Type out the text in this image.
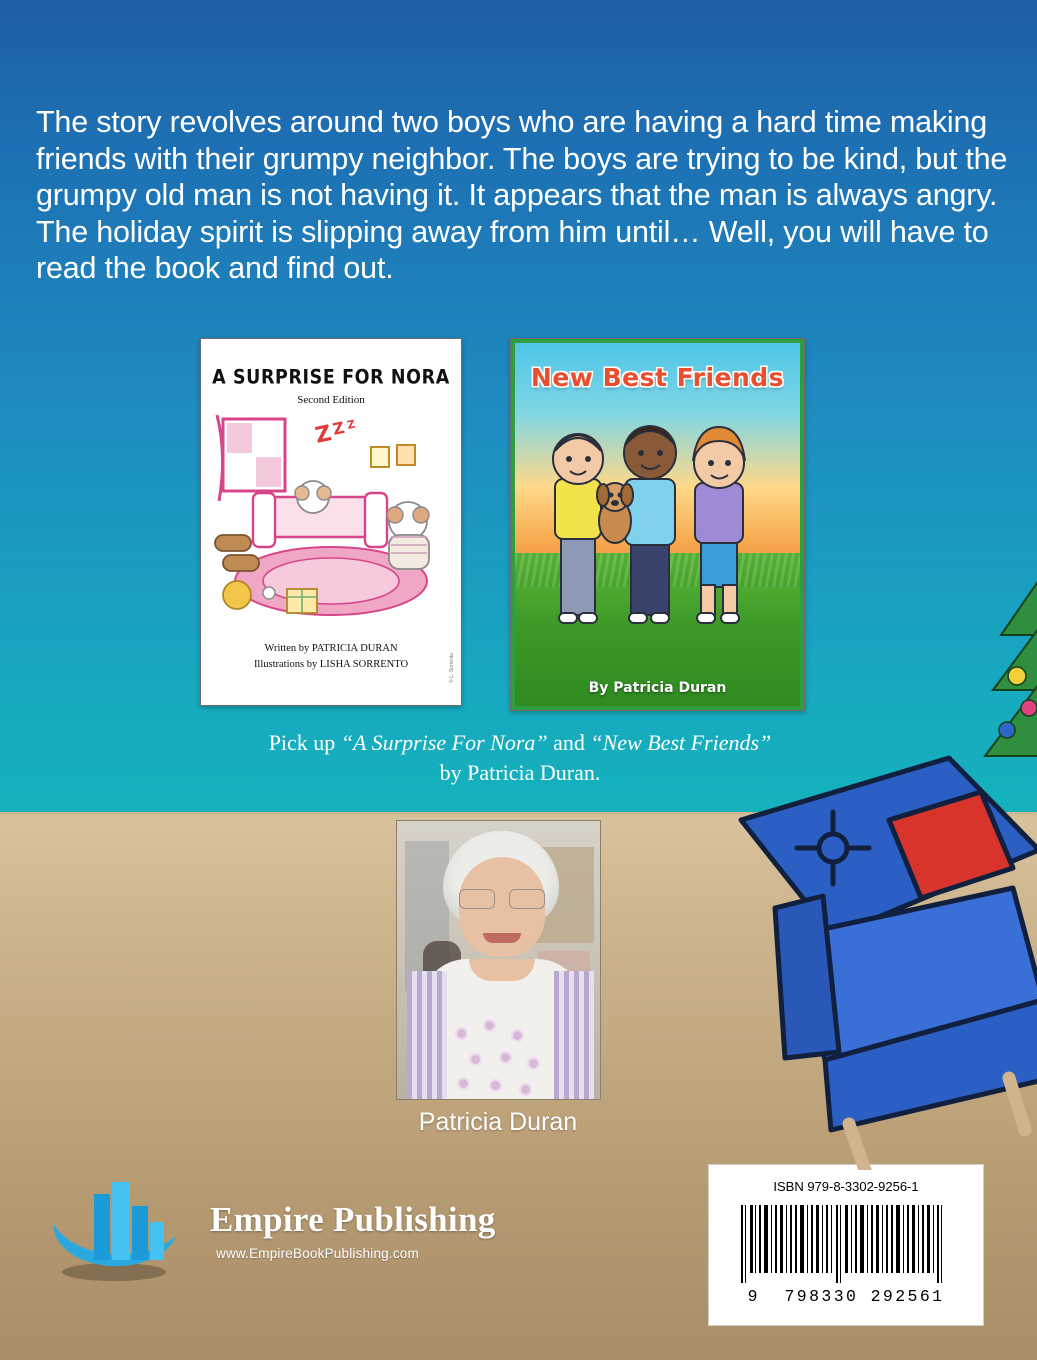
The story revolves around two boys who are having a hard time making friends with their grumpy neighbor. The boys are trying to be kind, but the grumpy old man is not having it. It appears that the man is always angry. The holiday spirit is slipping away from him until… Well, you will have to read the book and find out.
A SURPRISE FOR NORA
Second Edition
Z
Z Z
Written by PATRICIA DURAN
Illustrations by LISHA SORRENTO	© L. Sorrento
New Best Friends
By Patricia Duran
Pick up “A Surprise For Nora” and “New Best Friends”
by Patricia Duran.
Patricia Duran
Empire Publishing
www.EmpireBookPublishing.com
ISBN 979-8-3302-9256-1
9 798330 292561
